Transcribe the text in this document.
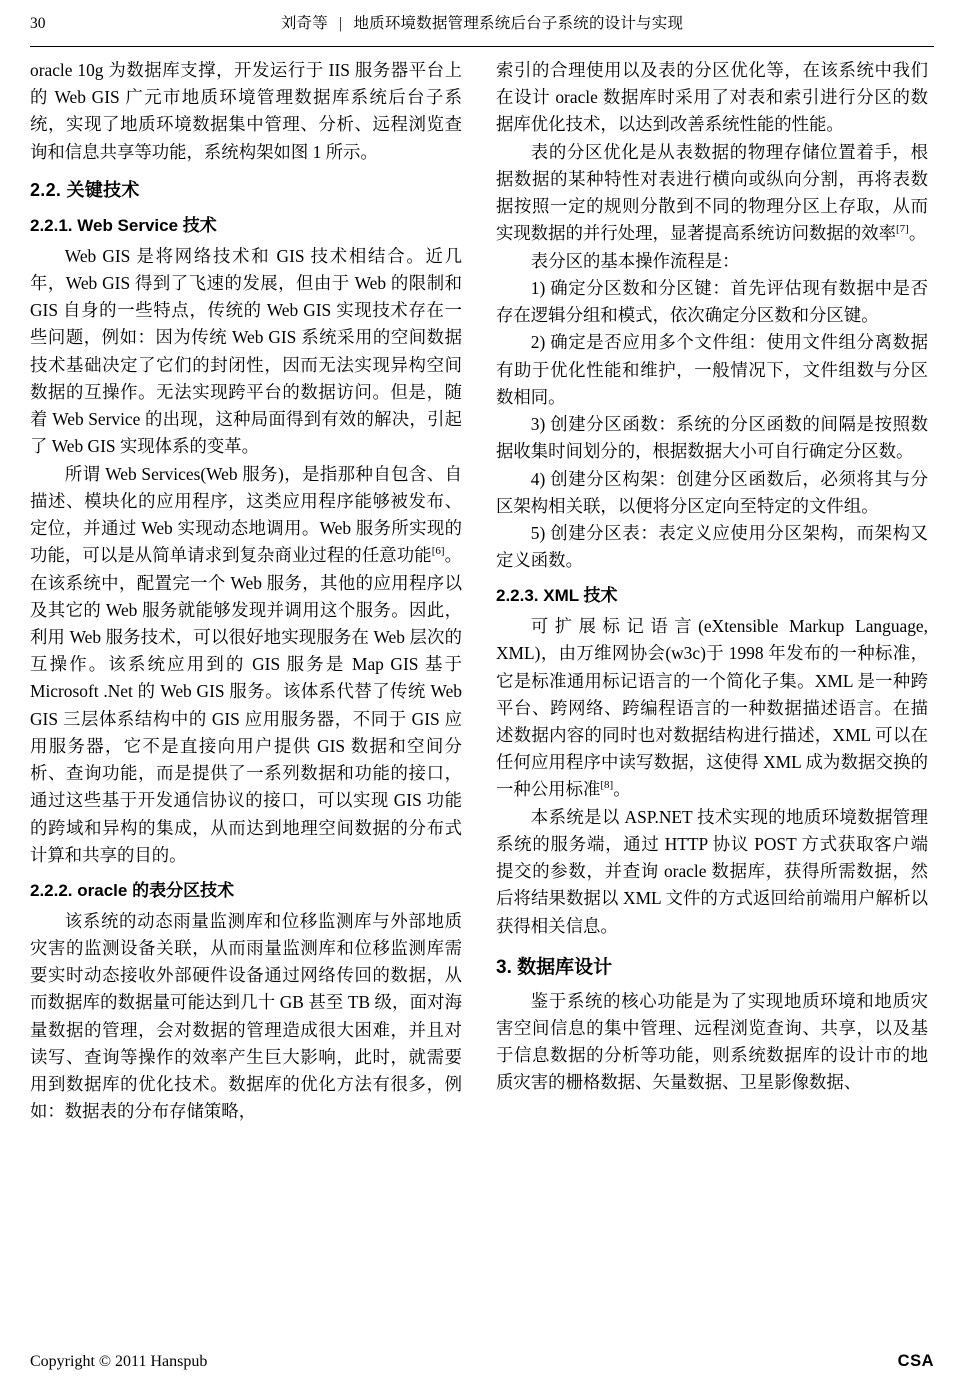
30	刘奇等 | 地质环境数据管理系统后台子系统的设计与实现

oracle 10g 为数据库支撑，开发运行于 IIS 服务器平台上的 Web GIS 广元市地质环境管理数据库系统后台子系统，实现了地质环境数据集中管理、分析、远程浏览查询和信息共享等功能，系统构架如图 1 所示。

2.2. 关键技术
2.2.1. Web Service 技术

Web GIS 是将网络技术和 GIS 技术相结合。近几年，Web GIS 得到了飞速的发展，但由于 Web 的限制和 GIS 自身的一些特点，传统的 Web GIS 实现技术存在一些问题，例如：因为传统 Web GIS 系统采用的空间数据技术基础决定了它们的封闭性，因而无法实现异构空间数据的互操作。无法实现跨平台的数据访问。但是，随着 Web Service 的出现，这种局面得到有效的解决，引起了 Web GIS 实现体系的变革。

所谓 Web Services(Web 服务)，是指那种自包含、自描述、模块化的应用程序，这类应用程序能够被发布、定位，并通过 Web 实现动态地调用。Web 服务所实现的功能，可以是从简单请求到复杂商业过程的任意功能[6]。在该系统中，配置完一个 Web 服务，其他的应用程序以及其它的 Web 服务就能够发现并调用这个服务。因此，利用 Web 服务技术，可以很好地实现服务在 Web 层次的互操作。该系统应用到的 GIS 服务是 Map GIS 基于 Microsoft .Net 的 Web GIS 服务。该体系代替了传统 Web GIS 三层体系结构中的 GIS 应用服务器，不同于 GIS 应用服务器，它不是直接向用户提供 GIS 数据和空间分析、查询功能，而是提供了一系列数据和功能的接口，通过这些基于开发通信协议的接口，可以实现 GIS 功能的跨域和异构的集成，从而达到地理空间数据的分布式计算和共享的目的。

2.2.2. oracle 的表分区技术

该系统的动态雨量监测库和位移监测库与外部地质灾害的监测设备关联，从而雨量监测库和位移监测库需要实时动态接收外部硬件设备通过网络传回的数据，从而数据库的数据量可能达到几十 GB 甚至 TB 级，面对海量数据的管理，会对数据的管理造成很大困难，并且对读写、查询等操作的效率产生巨大影响，此时，就需要用到数据库的优化技术。数据库的优化方法有很多，例如：数据表的分布存储策略，

索引的合理使用以及表的分区优化等，在该系统中我们在设计 oracle 数据库时采用了对表和索引进行分区的数据库优化技术，以达到改善系统性能的性能。

表的分区优化是从表数据的物理存储位置着手，根据数据的某种特性对表进行横向或纵向分割，再将表数据按照一定的规则分散到不同的物理分区上存取，从而实现数据的并行处理，显著提高系统访问数据的效率[7]。

表分区的基本操作流程是：

1) 确定分区数和分区键：首先评估现有数据中是否存在逻辑分组和模式，依次确定分区数和分区键。

2) 确定是否应用多个文件组：使用文件组分离数据有助于优化性能和维护，一般情况下，文件组数与分区数相同。

3) 创建分区函数：系统的分区函数的间隔是按照数据收集时间划分的，根据数据大小可自行确定分区数。

4) 创建分区构架：创建分区函数后，必须将其与分区架构相关联，以便将分区定向至特定的文件组。

5) 创建分区表：表定义应使用分区架构，而架构又定义函数。

2.2.3. XML 技术

可扩展标记语言(eXtensible Markup Language, XML)，由万维网协会(w3c)于 1998 年发布的一种标准，它是标准通用标记语言的一个简化子集。XML 是一种跨平台、跨网络、跨编程语言的一种数据描述语言。在描述数据内容的同时也对数据结构进行描述，XML 可以在任何应用程序中读写数据，这使得 XML 成为数据交换的一种公用标准[8]。

本系统是以 ASP.NET 技术实现的地质环境数据管理系统的服务端，通过 HTTP 协议 POST 方式获取客户端提交的参数，并查询 oracle 数据库，获得所需数据，然后将结果数据以 XML 文件的方式返回给前端用户解析以获得相关信息。

3. 数据库设计

鉴于系统的核心功能是为了实现地质环境和地质灾害空间信息的集中管理、远程浏览查询、共享，以及基于信息数据的分析等功能，则系统数据库的设计市的地质灾害的栅格数据、矢量数据、卫星影像数据、

Copyright © 2011 Hanspub	CSA
